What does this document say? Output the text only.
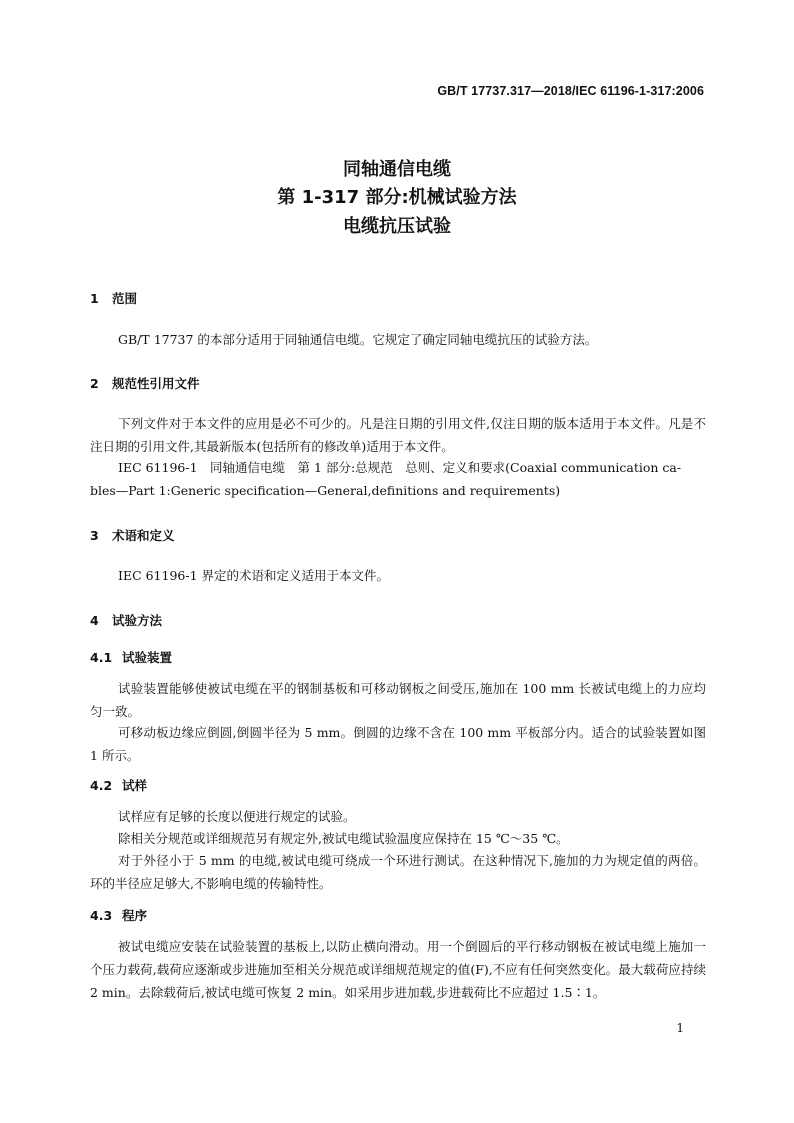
GB/T 17737.317—2018/IEC 61196-1-317:2006
同轴通信电缆
第 1-317 部分:机械试验方法
电缆抗压试验
1 范围
GB/T 17737 的本部分适用于同轴通信电缆。它规定了确定同轴电缆抗压的试验方法。
2 规范性引用文件
下列文件对于本文件的应用是必不可少的。凡是注日期的引用文件,仅注日期的版本适用于本文件。凡是不注日期的引用文件,其最新版本(包括所有的修改单)适用于本文件。
IEC 61196-1　同轴通信电缆　第 1 部分:总规范　总则、定义和要求(Coaxial communication ca-
bles—Part 1:Generic specification—General,definitions and requirements)
3 术语和定义
IEC 61196-1 界定的术语和定义适用于本文件。
4 试验方法
4.1 试验装置
试验装置能够使被试电缆在平的钢制基板和可移动钢板之间受压,施加在 100 mm 长被试电缆上的力应均匀一致。
可移动板边缘应倒圆,倒圆半径为 5 mm。倒圆的边缘不含在 100 mm 平板部分内。适合的试验装置如图 1 所示。
4.2 试样
试样应有足够的长度以便进行规定的试验。
除相关分规范或详细规范另有规定外,被试电缆试验温度应保持在 15 ℃～35 ℃。
对于外径小于 5 mm 的电缆,被试电缆可绕成一个环进行测试。在这种情况下,施加的力为规定值的两倍。环的半径应足够大,不影响电缆的传输特性。
4.3 程序
被试电缆应安装在试验装置的基板上,以防止横向滑动。用一个倒圆后的平行移动钢板在被试电缆上施加一个压力载荷,载荷应逐渐或步进施加至相关分规范或详细规范规定的值(F),不应有任何突然变化。最大载荷应持续 2 min。去除载荷后,被试电缆可恢复 2 min。如采用步进加载,步进载荷比不应超过 1.5∶1。
1
